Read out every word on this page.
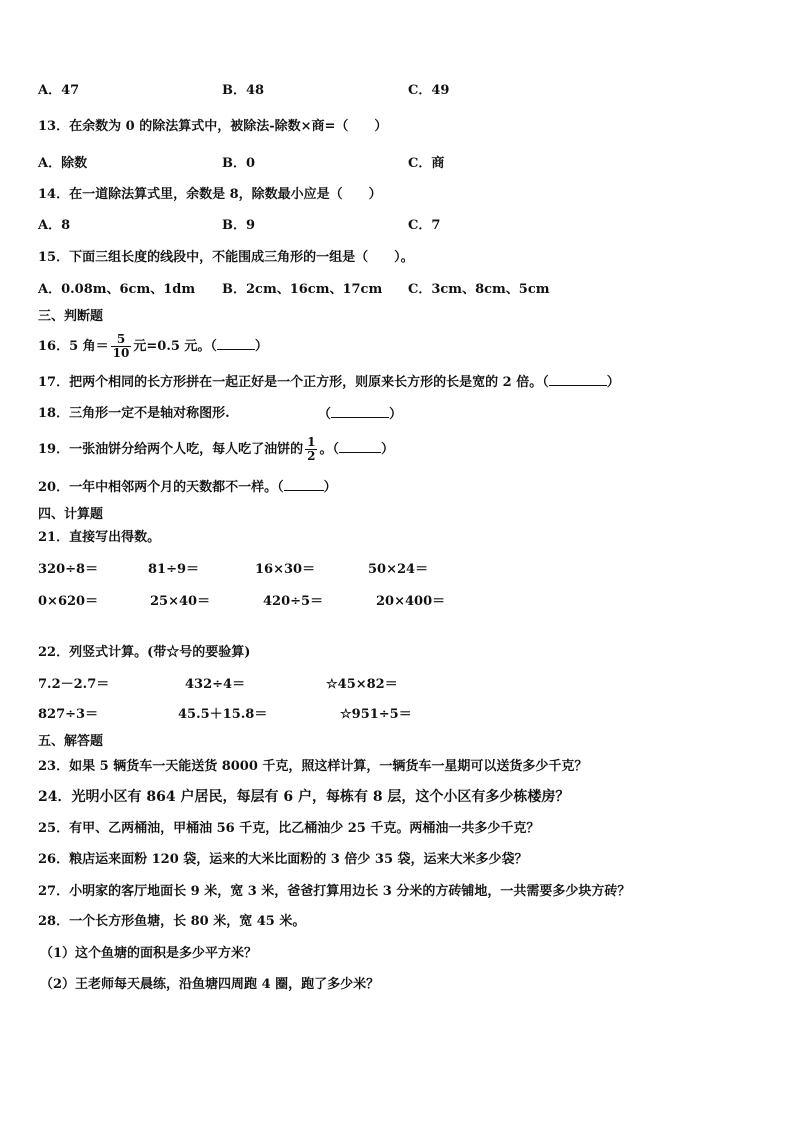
A．47	B．48	C．49
13．在余数为 0 的除法算式中，被除法-除数×商=（　　）
A．除数	B．0	C．商
14．在一道除法算式里，余数是 8，除数最小应是（　　）
A．8	B．9	C．7
15．下面三组长度的线段中，不能围成三角形的一组是（　　）。
A．0.08m、6cm、1dm B．2cm、16cm、17cm C．3cm、8cm、5cm
三、判断题
16．5 角＝ $\frac{5}{10}$ 元=0.5 元。（	）
17．把两个相同的长方形拼在一起正好是一个正方形，则原来长方形的长是宽的 2 倍。（	）
18．三角形一定不是轴对称图形.	（	）
19．一张油饼分给两个人吃，每人吃了油饼的 $\frac{1}{2}$ 。（	）
20．一年中相邻两个月的天数都不一样。（	）
四、计算题
21．直接写出得数。
320÷8＝	81÷9＝	16×30＝	50×24＝
0×620＝	25×40＝	420÷5＝	20×400＝
22．列竖式计算。(带☆号的要验算)
7.2－2.7＝	432÷4＝	☆45×82＝
827÷3＝	45.5＋15.8＝	☆951÷5＝
五、解答题
23．如果 5 辆货车一天能送货 8000 千克，照这样计算，一辆货车一星期可以送货多少千克？
24．光明小区有 864 户居民，每层有 6 户，每栋有 8 层，这个小区有多少栋楼房？
25．有甲、乙两桶油，甲桶油 56 千克，比乙桶油少 25 千克。两桶油一共多少千克？
26．粮店运来面粉 120 袋，运来的大米比面粉的 3 倍少 35 袋，运来大米多少袋？
27．小明家的客厅地面长 9 米，宽 3 米，爸爸打算用边长 3 分米的方砖铺地，一共需要多少块方砖？
28．一个长方形鱼塘，长 80 米，宽 45 米。
（1）这个鱼塘的面积是多少平方米？
（2）王老师每天晨练，沿鱼塘四周跑 4 圈，跑了多少米？
